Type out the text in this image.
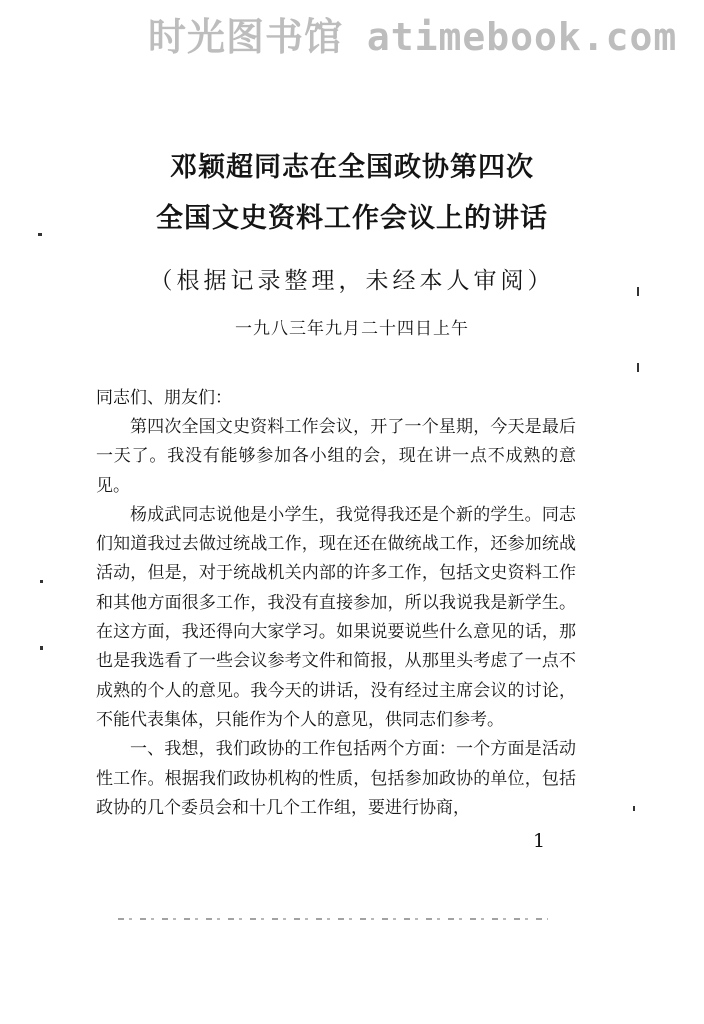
时光图书馆 atimebook.com
邓颖超同志在全国政协第四次
全国文史资料工作会议上的讲话
（根据记录整理，未经本人审阅）
一九八三年九月二十四日上午
同志们、朋友们：

第四次全国文史资料工作会议，开了一个星期，今天是最后一天了。我没有能够参加各小组的会，现在讲一点不成熟的意见。

杨成武同志说他是小学生，我觉得我还是个新的学生。同志们知道我过去做过统战工作，现在还在做统战工作，还参加统战活动，但是，对于统战机关内部的许多工作，包括文史资料工作和其他方面很多工作，我没有直接参加，所以我说我是新学生。在这方面，我还得向大家学习。如果说要说些什么意见的话，那也是我选看了一些会议参考文件和简报，从那里头考虑了一点不成熟的个人的意见。我今天的讲话，没有经过主席会议的讨论，不能代表集体，只能作为个人的意见，供同志们参考。

一、我想，我们政协的工作包括两个方面：一个方面是活动性工作。根据我们政协机构的性质，包括参加政协的单位，包括政协的几个委员会和十几个工作组，要进行协商，

1
